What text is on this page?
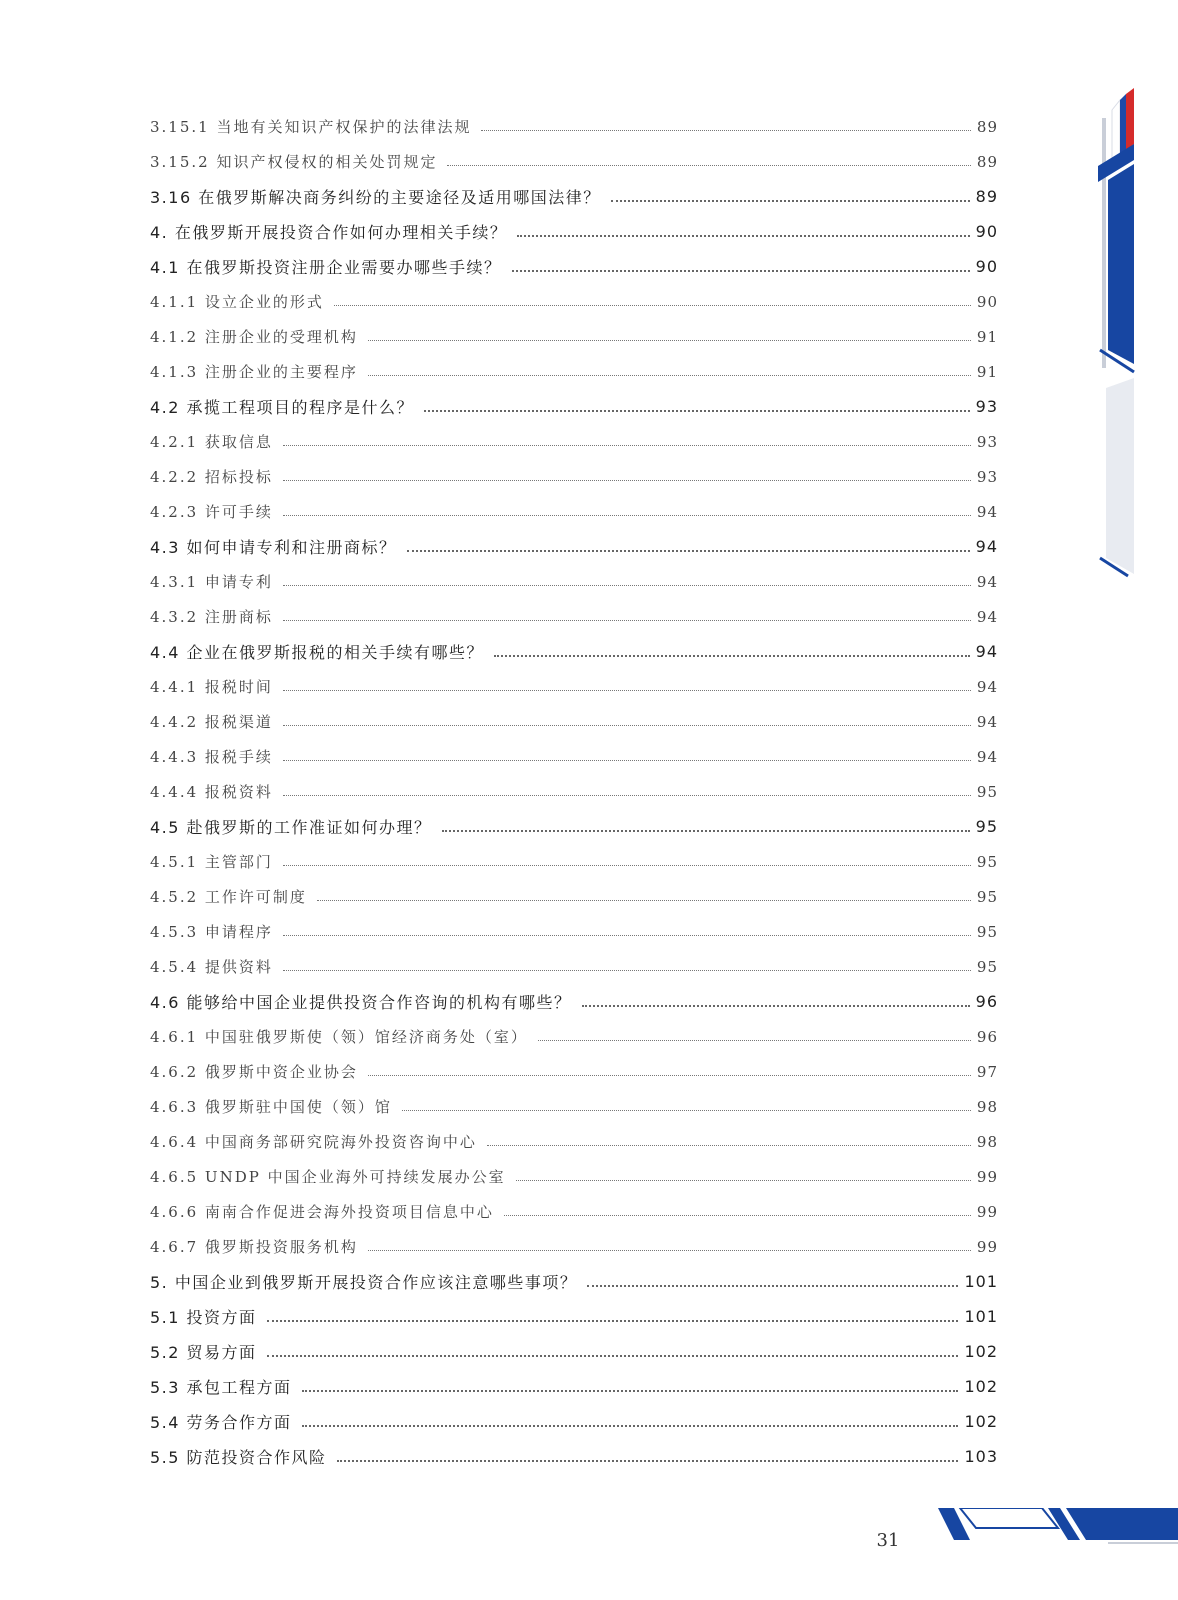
3.15.1 当地有关知识产权保护的法律法规	89
3.15.2 知识产权侵权的相关处罚规定	89
3.16 在俄罗斯解决商务纠纷的主要途径及适用哪国法律？	89
4. 在俄罗斯开展投资合作如何办理相关手续？	90
4.1 在俄罗斯投资注册企业需要办哪些手续？	90
4.1.1 设立企业的形式	90
4.1.2 注册企业的受理机构	91
4.1.3 注册企业的主要程序	91
4.2 承揽工程项目的程序是什么？	93
4.2.1 获取信息	93
4.2.2 招标投标	93
4.2.3 许可手续	94
4.3 如何申请专利和注册商标？	94
4.3.1 申请专利	94
4.3.2 注册商标	94
4.4 企业在俄罗斯报税的相关手续有哪些？	94
4.4.1 报税时间	94
4.4.2 报税渠道	94
4.4.3 报税手续	94
4.4.4 报税资料	95
4.5 赴俄罗斯的工作准证如何办理？	95
4.5.1 主管部门	95
4.5.2 工作许可制度	95
4.5.3 申请程序	95
4.5.4 提供资料	95
4.6 能够给中国企业提供投资合作咨询的机构有哪些？	96
4.6.1 中国驻俄罗斯使（领）馆经济商务处（室）	96
4.6.2 俄罗斯中资企业协会	97
4.6.3 俄罗斯驻中国使（领）馆	98
4.6.4 中国商务部研究院海外投资咨询中心	98
4.6.5 UNDP 中国企业海外可持续发展办公室	99
4.6.6 南南合作促进会海外投资项目信息中心	99
4.6.7 俄罗斯投资服务机构	99
5. 中国企业到俄罗斯开展投资合作应该注意哪些事项？	101
5.1 投资方面	101
5.2 贸易方面	102
5.3 承包工程方面	102
5.4 劳务合作方面	102
5.5 防范投资合作风险	103
31
